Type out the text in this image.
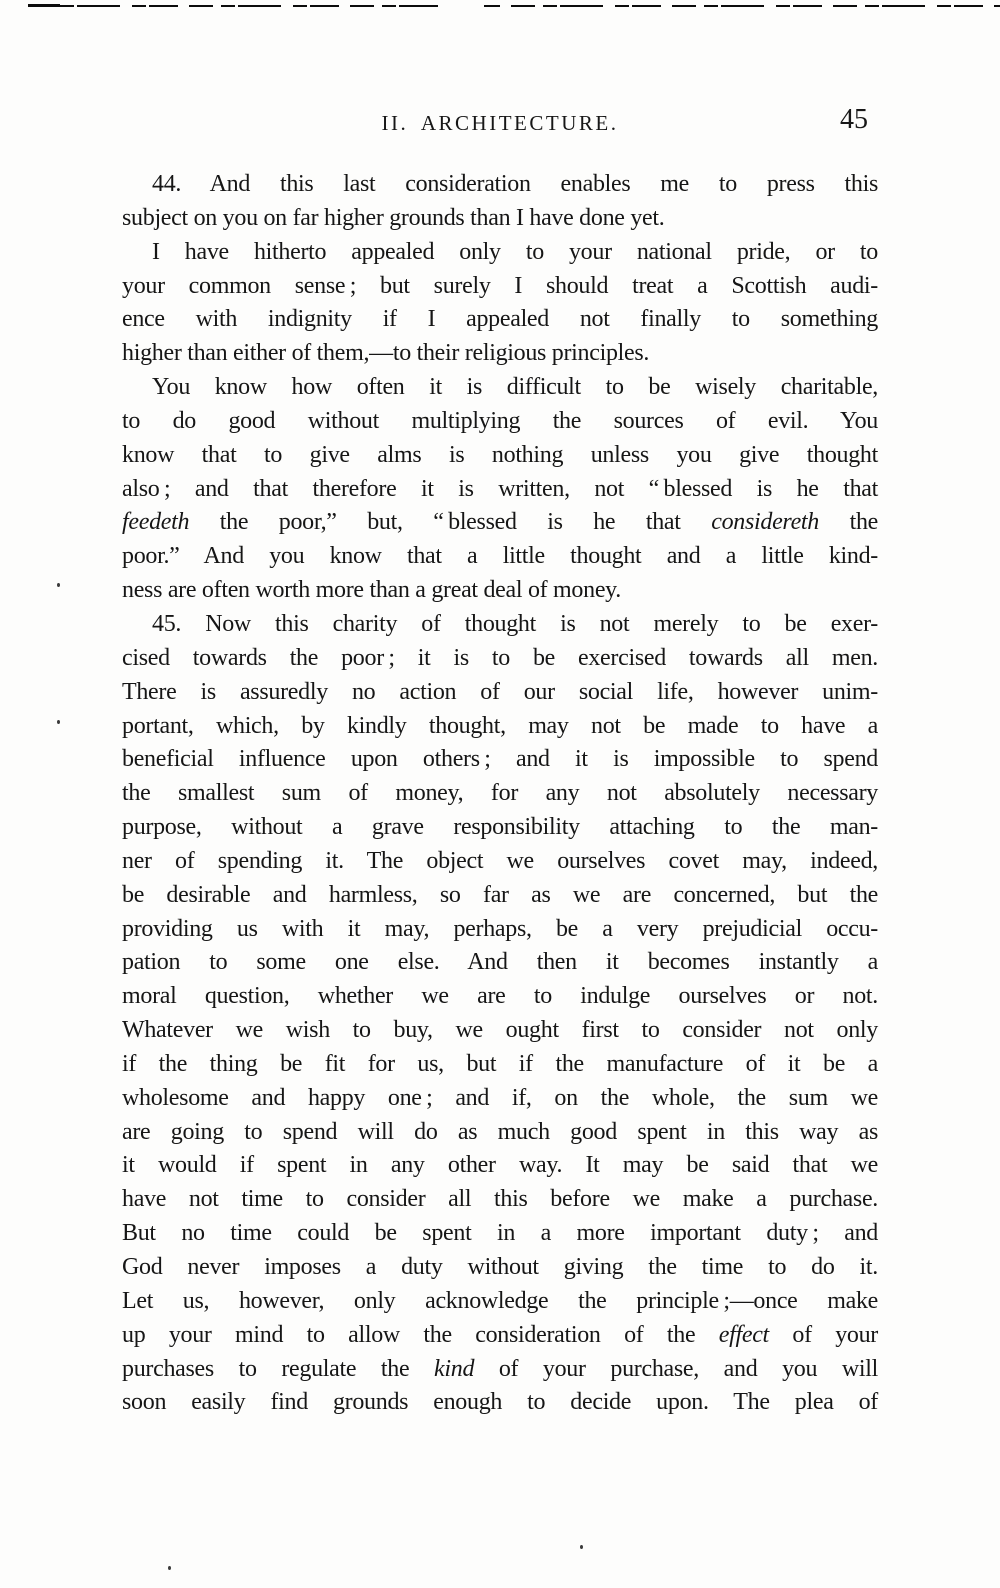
II. ARCHITECTURE.	45
44. And this last consideration enables me to press this
subject on you on far higher grounds than I have done yet.
I have hitherto appealed only to your national pride, or to
your common sense ; but surely I should treat a Scottish audi-
ence with indignity if I appealed not finally to something
higher than either of them,—to their religious principles.
You know how often it is difficult to be wisely charitable,
to do good without multiplying the sources of evil. You
know that to give alms is nothing unless you give thought
also ; and that therefore it is written, not “ blessed is he that
feedeth the poor,” but, “ blessed is he that considereth the
poor.” And you know that a little thought and a little kind-
ness are often worth more than a great deal of money.
45. Now this charity of thought is not merely to be exer-
cised towards the poor ; it is to be exercised towards all men.
There is assuredly no action of our social life, however unim-
portant, which, by kindly thought, may not be made to have a
beneficial influence upon others ; and it is impossible to spend
the smallest sum of money, for any not absolutely necessary
purpose, without a grave responsibility attaching to the man-
ner of spending it. The object we ourselves covet may, indeed,
be desirable and harmless, so far as we are concerned, but the
providing us with it may, perhaps, be a very prejudicial occu-
pation to some one else. And then it becomes instantly a
moral question, whether we are to indulge ourselves or not.
Whatever we wish to buy, we ought first to consider not only
if the thing be fit for us, but if the manufacture of it be a
wholesome and happy one ; and if, on the whole, the sum we
are going to spend will do as much good spent in this way as
it would if spent in any other way. It may be said that we
have not time to consider all this before we make a purchase.
But no time could be spent in a more important duty ; and
God never imposes a duty without giving the time to do it.
Let us, however, only acknowledge the principle ;—once make
up your mind to allow the consideration of the effect of your
purchases to regulate the kind of your purchase, and you will
soon easily find grounds enough to decide upon. The plea of
